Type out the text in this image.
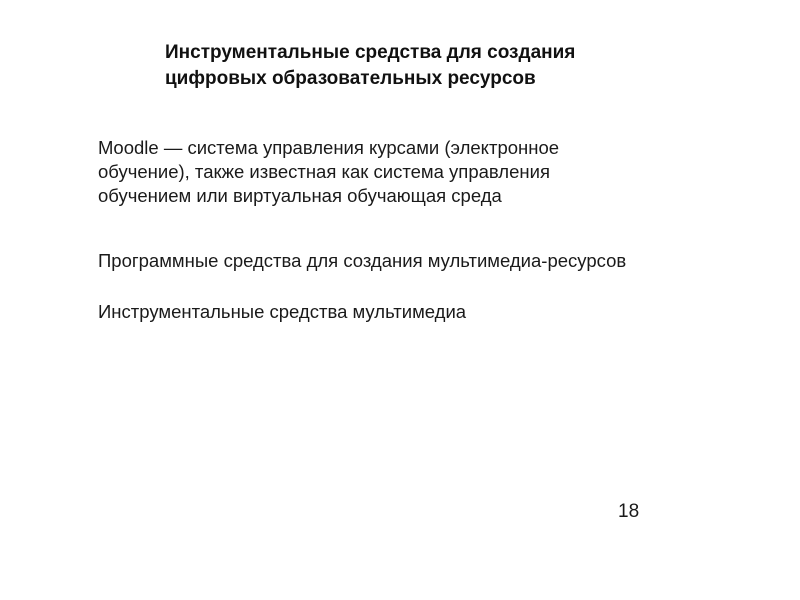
Инструментальные средства для создания
цифровых образовательных ресурсов

Moodle — система управления курсами (электронное
обучение), также известная как система управления
обучением или виртуальная обучающая среда

Программные средства для создания мультимедиа-ресурсов

Инструментальные средства мультимедиа

18
